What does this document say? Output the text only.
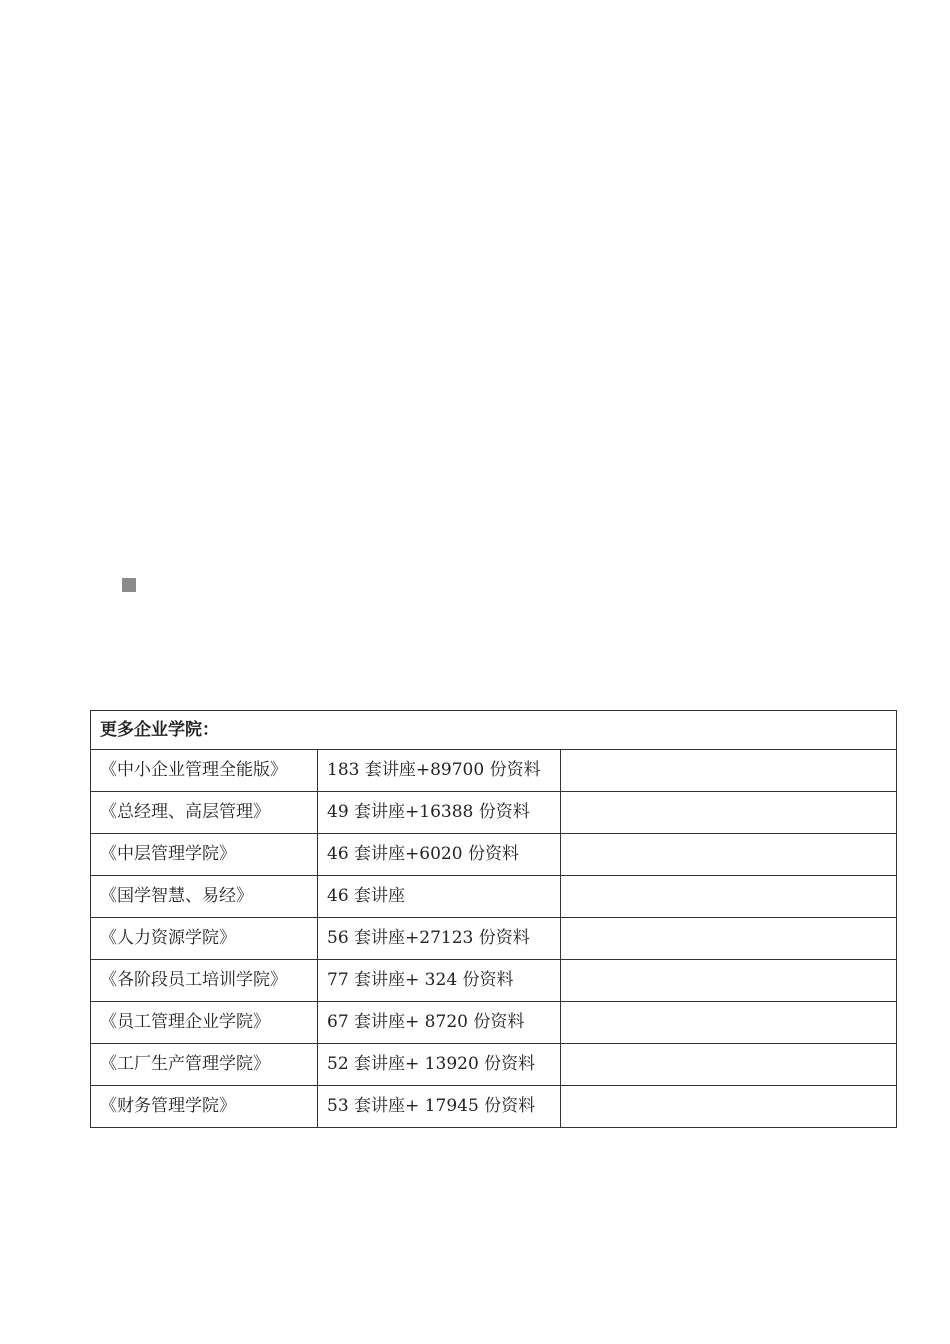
更多企业学院：		
《中小企业管理全能版》	183 套讲座+89700 份资料	
《总经理、高层管理》	49 套讲座+16388 份资料	
《中层管理学院》	46 套讲座+6020 份资料	
《国学智慧、易经》	46 套讲座	
《人力资源学院》	56 套讲座+27123 份资料	
《各阶段员工培训学院》	77 套讲座+ 324 份资料	
《员工管理企业学院》	67 套讲座+ 8720 份资料	
《工厂生产管理学院》	52 套讲座+ 13920 份资料	
《财务管理学院》	53 套讲座+ 17945 份资料	
